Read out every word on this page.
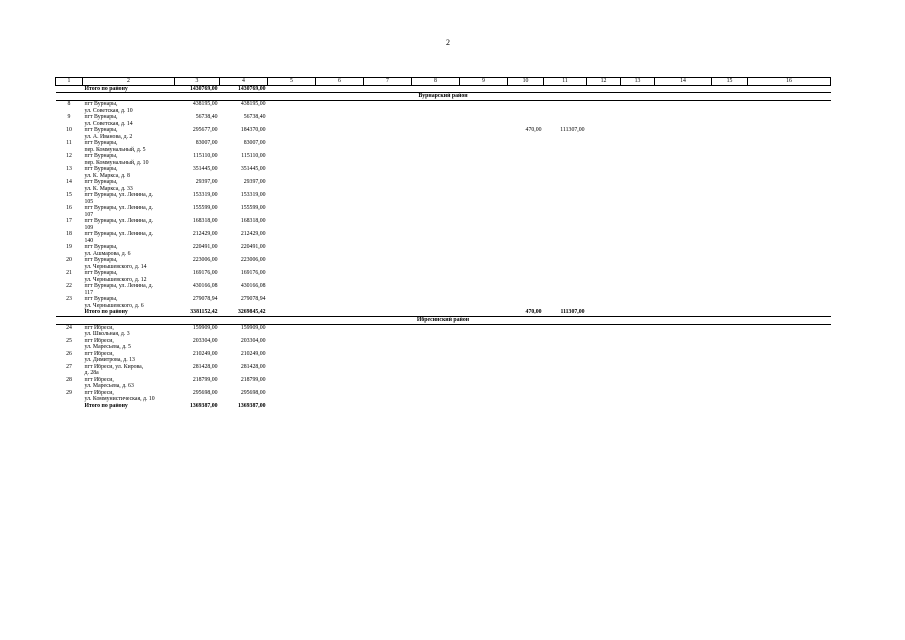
2
1	2	3	4	5	6	7	8	9	10	11	12	13	14	15	16
	Итого по району	1430769,00	1430769,00												
Вурнарский район															
8	пгт Вурнары,
ул. Советская, д. 10	438195,00	438195,00												
9	пгт Вурнары,
ул. Советская, д. 14	56738,40	56738,40												
10	пгт Вурнары,
ул. А. Иванова, д. 2	295677,00	184370,00						470,00	111307,00					
11	пгт Вурнары,
пер. Коммунальный, д. 5	83007,00	83007,00												
12	пгт Вурнары,
пер. Коммунальный, д. 10	115110,00	115110,00												
13	пгт Вурнары,
ул. К. Маркса, д. 8	351445,00	351445,00												
14	пгт Вурнары,
ул. К. Маркса, д. 33	29397,00	29397,00												
15	пгт Вурнары, ул. Ленина, д.
105	153319,00	153319,00												
16	пгт Вурнары, ул. Ленина, д.
107	155599,00	155599,00												
17	пгт Вурнары, ул. Ленина, д.
109	168318,00	168318,00												
18	пгт Вурнары, ул. Ленина, д.
140	212429,00	212429,00												
19	пгт Вурнары,
ул. Ашмарова, д. 6	220491,00	220491,00												
20	пгт Вурнары,
ул. Чернышевского, д. 14	223006,00	223006,00												
21	пгт Вурнары,
ул. Чернышевского, д. 12	169176,00	169176,00												
22	пгт Вурнары, ул. Ленина, д.
117	430166,08	430166,08												
23	пгт Вурнары,
ул. Чернышевского, д. 6	279078,94	279078,94												
	Итого по району	3381152,42	3269845,42						470,00	111307,00					
Ибресинский район															
24	пгт Ибреси,
ул. Школьная, д. 3	159909,00	159909,00												
25	пгт Ибреси,
ул. Маресьева, д. 5	203304,00	203304,00												
26	пгт Ибреси,
ул. Димитрова, д. 13	210249,00	210249,00												
27	пгт Ибреси, ул. Кирова,
д. 28а	281428,00	281428,00												
28	пгт Ибреси,
ул. Маресьева, д. 63	218799,00	218799,00												
29	пгт Ибреси,
ул. Коммунистическая, д. 10	295698,00	295698,00												
	Итого по району	1369387,00	1369387,00												
